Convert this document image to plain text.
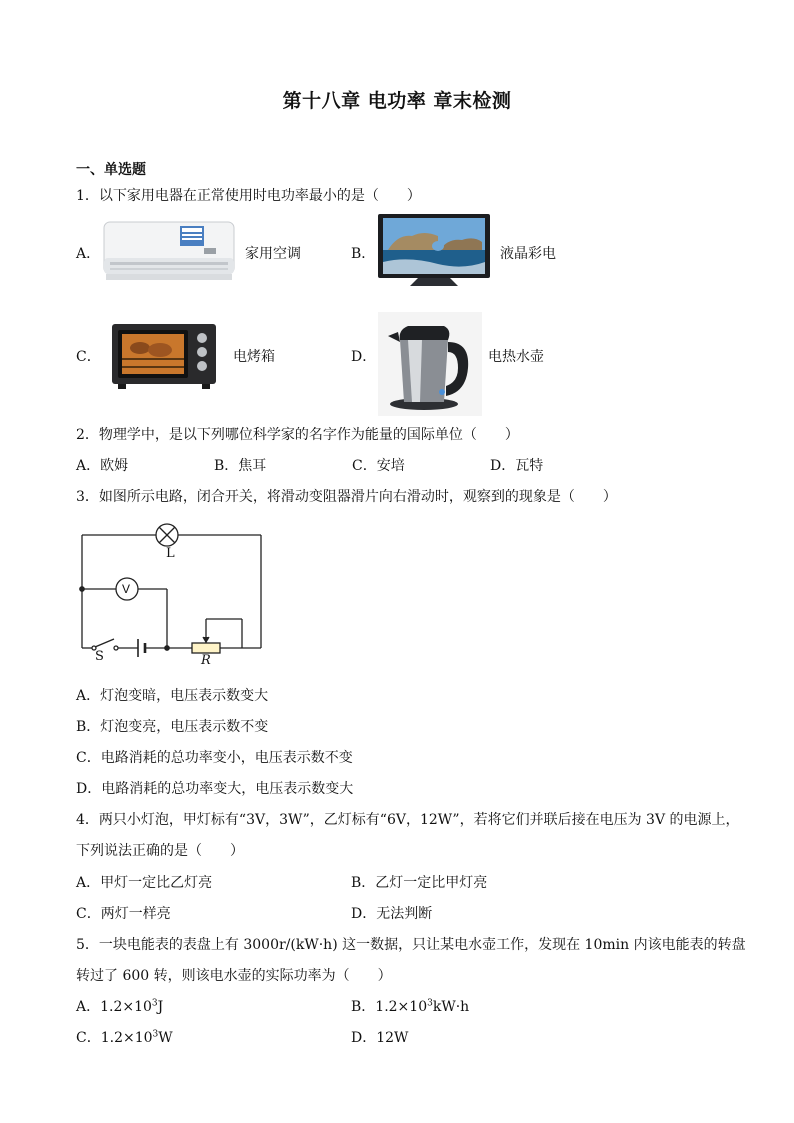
第十八章 电功率 章末检测
一、单选题
1．以下家用电器在正常使用时电功率最小的是（　　）
A．	家用空调	B．	液晶彩电
C．	电烤箱	D．	电热水壶
2．物理学中，是以下列哪位科学家的名字作为能量的国际单位（　　）
A．欧姆	B．焦耳	C．安培	D．瓦特
3．如图所示电路，闭合开关，将滑动变阻器滑片向右滑动时，观察到的现象是（　　）
L
V
S	R
A．灯泡变暗，电压表示数变大
B．灯泡变亮，电压表示数不变
C．电路消耗的总功率变小，电压表示数不变
D．电路消耗的总功率变大，电压表示数变大
4．两只小灯泡，甲灯标有“3V，3W”，乙灯标有“6V，12W”，若将它们并联后接在电压为 3V 的电源上，
下列说法正确的是（　　）
A．甲灯一定比乙灯亮	B．乙灯一定比甲灯亮
C．两灯一样亮	D．无法判断
5．一块电能表的表盘上有 3000r/(kW·h) 这一数据，只让某电水壶工作，发现在 10min 内该电能表的转盘
转过了 600 转，则该电水壶的实际功率为（　　）
A．$1.2\times 10^3J$	B．$1.2\times 10^3kW\cdot h$
C．$1.2\times 10^3W$	D．12W
